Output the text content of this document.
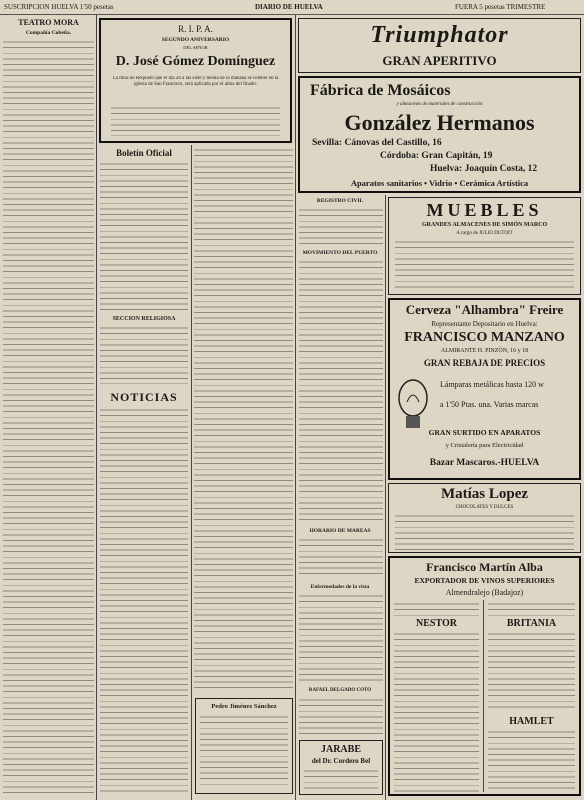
SUSCRIPCION HUELVA 1'50 pesetas	DIARIO DE HUELVA	FUERA 5 pesetas TRIMESTRE
TEATRO MORA
Compañía Cobeña.	R. I. P. A.
SEGUNDO ANIVERSARIO
DEL SEÑOR
D. José Gómez Domínguez
La misa de Requiem que el día 26 a las siete y media de la mañana se celebre en la iglesia de San Francisco, será aplicada por el alma del finado.
Boletín Oficial
SECCION RELIGIOSA
NOTICIAS
Pedro Jiménez Sánchez
Triumphator
GRAN APERITIVO
Fábrica de Mosáicos
y almacenes de materiales de construcción
González Hermanos
Sevilla: Cánovas del Castillo, 16
Córdoba: Gran Capitán, 19
Huelva: Joaquín Costa, 12
Aparatos sanitarios • Vidrio • Cerámica Artística
REGISTRO CIVIL
MOVIMIENTO DEL PUERTO
HORARIO DE MAREAS
Enfermedades de la vista
RAFAEL DELGADO COTO
JARABE
del Dr. Cordero Bel
MUEBLES
GRANDES ALMACENES DE SIMÓN MARCO
A cargo de JULIO DUTOIT
Cerveza "Alhambra" Freire
Representante Depositario en Huelva:
FRANCISCO MANZANO
ALMIRANTE H. PINZÓN, 16 y 18
GRAN REBAJA DE PRECIOS
Lámparas metálicas hasta 120 w
a 1'50 Ptas. una. Varias marcas
GRAN SURTIDO EN APARATOS
y Cristalería para Electricidad
Bazar Mascaros.-HUELVA
Matías Lopez
CHOCOLATES Y DULCES
Francisco Martín Alba
EXPORTADOR DE VINOS SUPERIORES
Almendralejo (Badajoz)
NESTOR	BRITANIA
HAMLET
